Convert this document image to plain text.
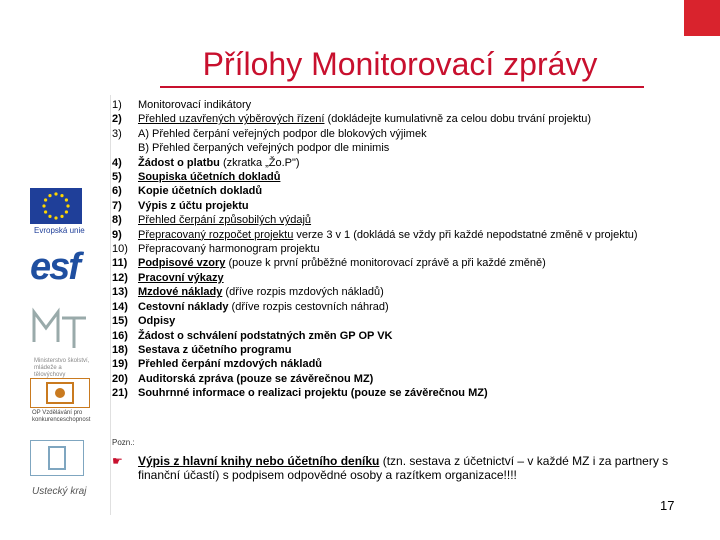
Přílohy Monitorovací zprávy
Evropská unie
esf
Ministerstvo školství, mládeže a tělovýchovy
OP Vzdělávání pro konkurenceschopnost
Ustecký kraj
1)	Monitorovací indikátory
2)	Přehled uzavřených výběrových řízení (dokládejte kumulativně za celou dobu trvání projektu)
3)	A) Přehled čerpání veřejných podpor dle blokových výjimek
B) Přehled čerpaných veřejných podpor dle minimis
4)	Žádost o platbu (zkratka „Žo.P")
5)	Soupiska účetních dokladů
6)	Kopie účetních dokladů
7)	Výpis z účtu projektu
8)	Přehled čerpání způsobilých výdajů
9)	Přepracovaný rozpočet projektu verze 3 v 1 (dokládá se vždy při každé nepodstatné změně v projektu)
10) Přepracovaný harmonogram projektu
11) Podpisové vzory (pouze k první průběžné monitorovací zprávě a při každé změně)
12) Pracovní výkazy
13) Mzdové náklady (dříve rozpis mzdových nákladů)
14) Cestovní náklady (dříve rozpis cestovních náhrad)
15) Odpisy
16) Žádost o schválení podstatných změn GP OP VK
18) Sestava z účetního programu
19) Přehled čerpání mzdových nákladů
20) Auditorská zpráva (pouze se závěrečnou MZ)
21) Souhrnné informace o realizaci projektu (pouze se závěrečnou MZ)
Pozn.:
☛	Výpis z hlavní knihy nebo účetního deníku (tzn. sestava z účetnictví – v každé MZ i za partnery s finanční účastí) s podpisem odpovědné osoby a razítkem organizace!!!!
17
